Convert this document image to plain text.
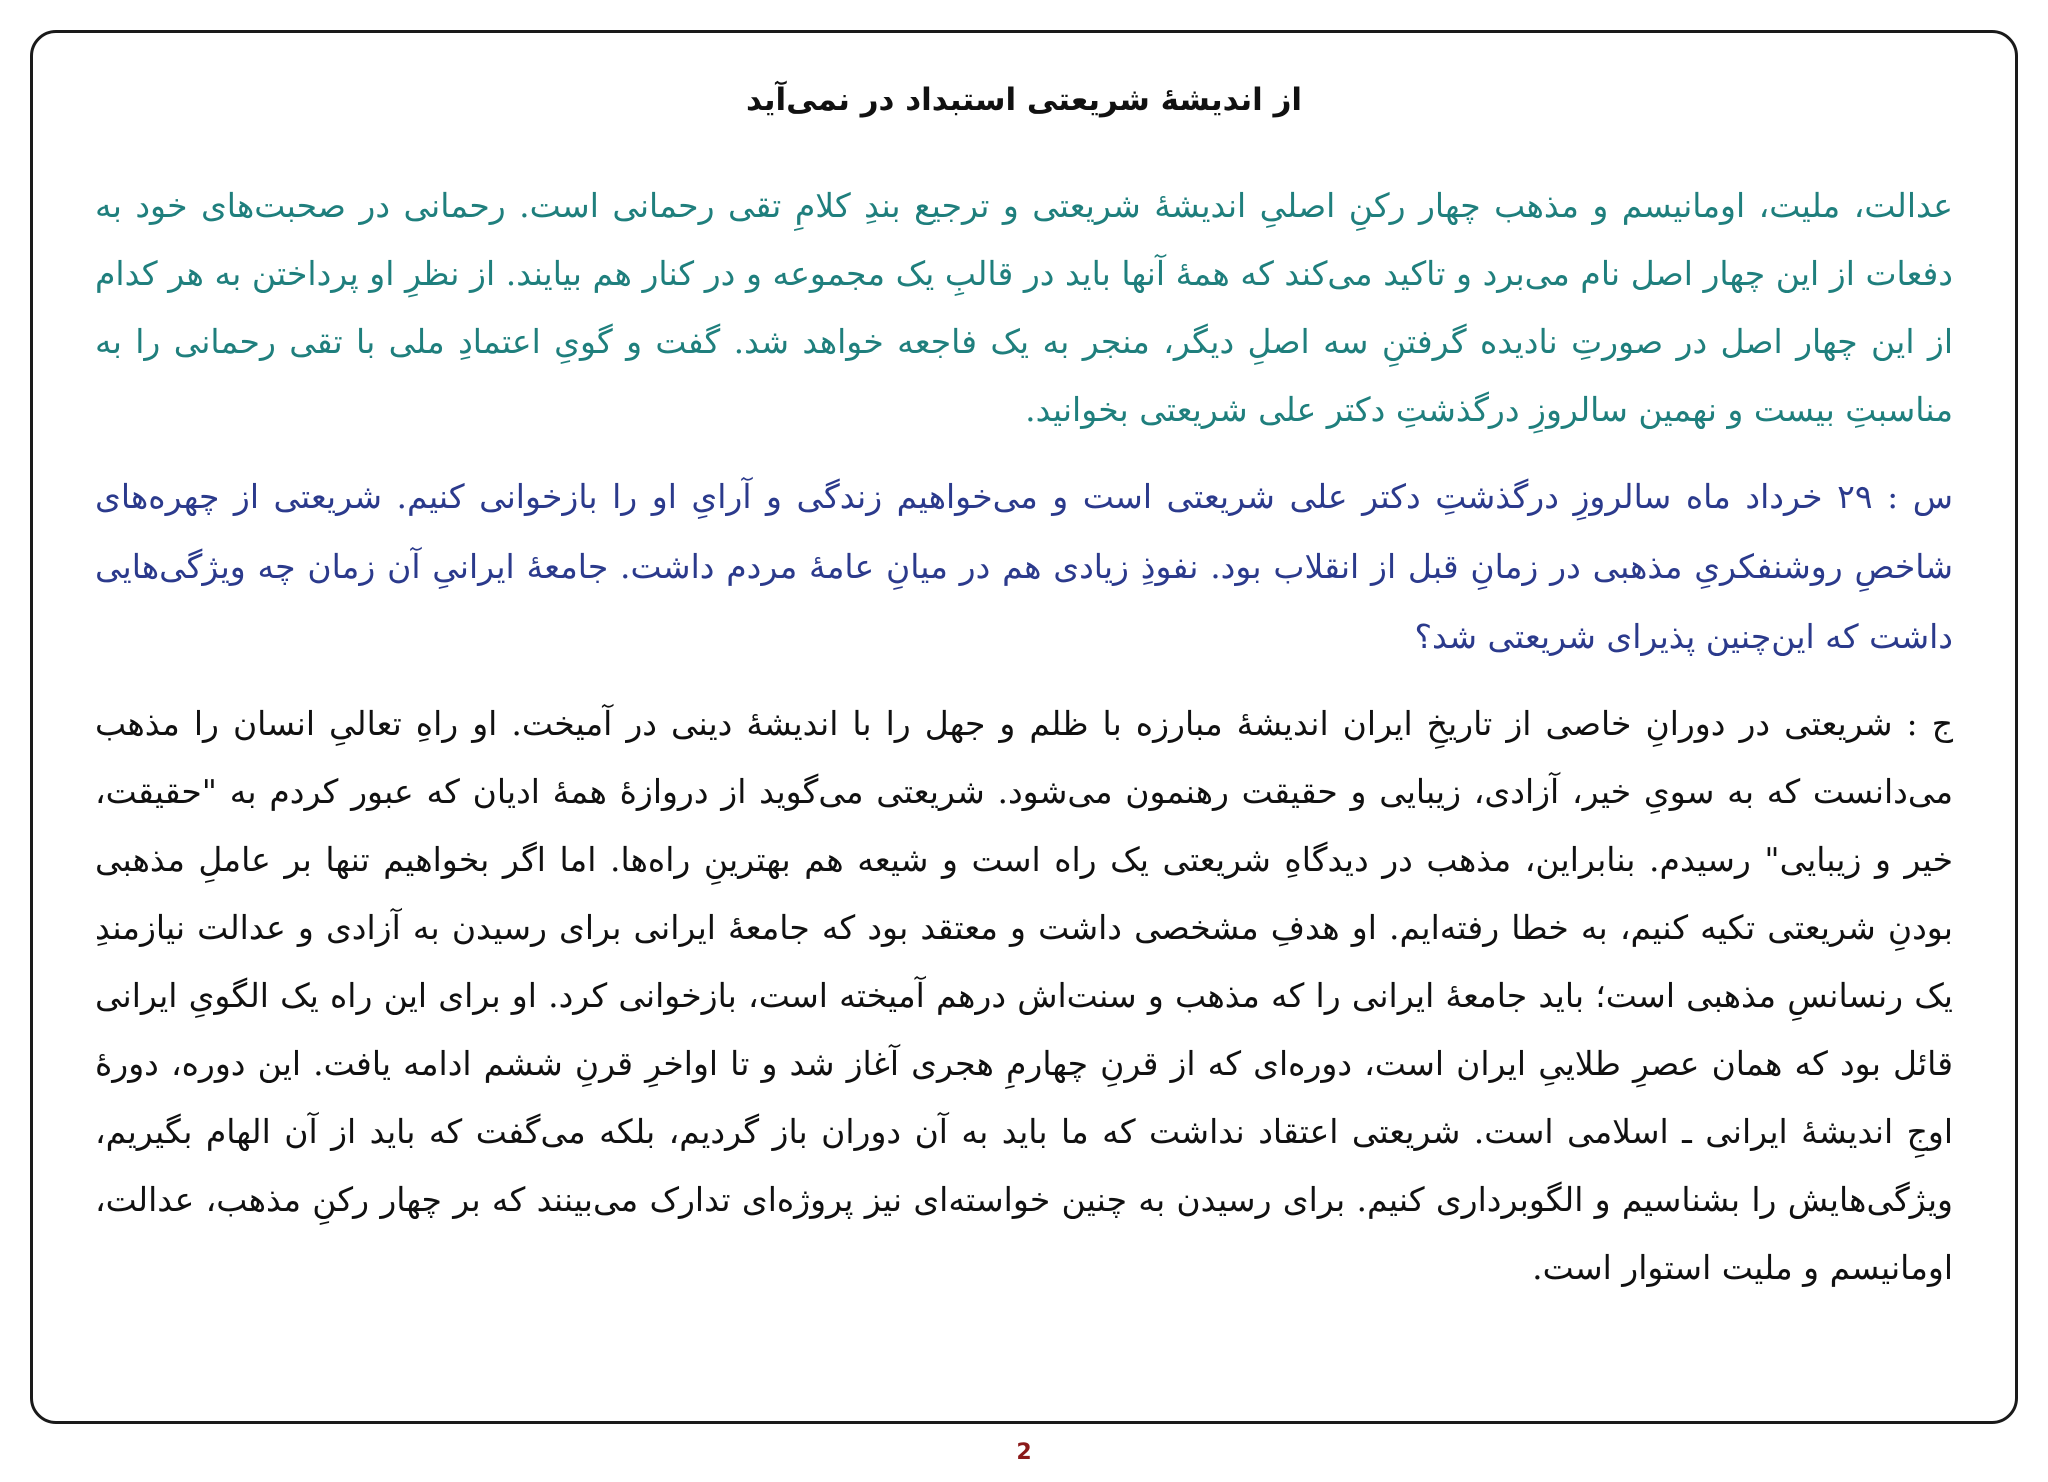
از اندیشهٔ شریعتی استبداد در نمی‌آید

عدالت، ملیت، اومانیسم و مذهب چهار رکنِ اصلیِ اندیشهٔ شریعتی و ترجیع بندِ کلامِ تقی رحمانی است. رحمانی در صحبت‌های خود به دفعات از این چهار اصل نام می‌برد و تاکید می‌کند که همهٔ آنها باید در قالبِ یک مجموعه و در کنار هم بیایند. از نظرِ او پرداختن به هر کدام از این چهار اصل در صورتِ نادیده گرفتنِ سه اصلِ دیگر، منجر به یک فاجعه خواهد شد. گفت و گویِ اعتمادِ ملی با تقی رحمانی را به مناسبتِ بیست و نهمین سالروزِ درگذشتِ دکتر علی شریعتی بخوانید.

س : ۲۹ خرداد ماه سالروزِ درگذشتِ دکتر علی شریعتی است و می‌خواهیم زندگی و آرایِ او را بازخوانی کنیم. شریعتی از چهره‌های شاخصِ روشنفکریِ مذهبی در زمانِ قبل از انقلاب بود. نفوذِ زیادی هم در میانِ عامهٔ مردم داشت. جامعهٔ ایرانیِ آن زمان چه ویژگی‌هایی داشت که این‌چنین پذیرای شریعتی شد؟

ج : شریعتی در دورانِ خاصی از تاریخِ ایران اندیشهٔ مبارزه با ظلم و جهل را با اندیشهٔ دینی در آمیخت. او راهِ تعالیِ انسان را مذهب می‌دانست که به سویِ خیر، آزادی، زیبایی و حقیقت رهنمون می‌شود. شریعتی می‌گوید از دروازهٔ همهٔ ادیان که عبور کردم به "حقیقت، خیر و زیبایی" رسیدم. بنابراین، مذهب در دیدگاهِ شریعتی یک راه است و شیعه هم بهترینِ راه‌ها. اما اگر بخواهیم تنها بر عاملِ مذهبی بودنِ شریعتی تکیه کنیم، به خطا رفته‌ایم. او هدفِ مشخصی داشت و معتقد بود که جامعهٔ ایرانی برای رسیدن به آزادی و عدالت نیازمندِ یک رنسانسِ مذهبی است؛ باید جامعهٔ ایرانی را که مذهب و سنت‌اش درهم آمیخته است، بازخوانی کرد. او برای این راه یک الگویِ ایرانی قائل بود که همان عصرِ طلاییِ ایران است، دوره‌ای که از قرنِ چهارمِ هجری آغاز شد و تا اواخرِ قرنِ ششم ادامه یافت. این دوره، دورهٔ اوجِ اندیشهٔ ایرانی ـ اسلامی است. شریعتی اعتقاد نداشت که ما باید به آن دوران باز گردیم، بلکه می‌گفت که باید از آن الهام بگیریم، ویژگی‌هایش را بشناسیم و الگوبرداری کنیم. برای رسیدن به چنین خواسته‌ای نیز پروژه‌ای تدارک می‌بینند که بر چهار رکنِ مذهب، عدالت، اومانیسم و ملیت استوار است.

2
